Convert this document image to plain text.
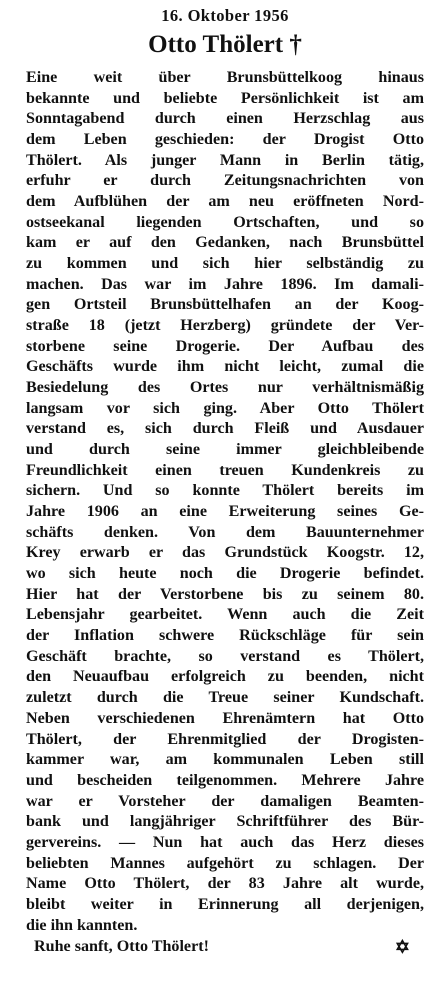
16. Oktober 1956
Otto Thölert †
Eine weit über Brunsbüttelkoog hinaus
bekannte und beliebte Persönlichkeit ist am
Sonntagabend durch einen Herzschlag aus
dem Leben geschieden: der Drogist Otto
Thölert. Als junger Mann in Berlin tätig,
erfuhr er durch Zeitungsnachrichten von
dem Aufblühen der am neu eröffneten Nord-
ostseekanal liegenden Ortschaften, und so
kam er auf den Gedanken, nach Brunsbüttel
zu kommen und sich hier selbständig zu
machen. Das war im Jahre 1896. Im damali-
gen Ortsteil Brunsbüttelhafen an der Koog-
straße 18 (jetzt Herzberg) gründete der Ver-
storbene seine Drogerie. Der Aufbau des
Geschäfts wurde ihm nicht leicht, zumal die
Besiedelung des Ortes nur verhältnismäßig
langsam vor sich ging. Aber Otto Thölert
verstand es, sich durch Fleiß und Ausdauer
und durch seine immer gleichbleibende
Freundlichkeit einen treuen Kundenkreis zu
sichern. Und so konnte Thölert bereits im
Jahre 1906 an eine Erweiterung seines Ge-
schäfts denken. Von dem Bauunternehmer
Krey erwarb er das Grundstück Koogstr. 12,
wo sich heute noch die Drogerie befindet.
Hier hat der Verstorbene bis zu seinem 80.
Lebensjahr gearbeitet. Wenn auch die Zeit
der Inflation schwere Rückschläge für sein
Geschäft brachte, so verstand es Thölert,
den Neuaufbau erfolgreich zu beenden, nicht
zuletzt durch die Treue seiner Kundschaft.
Neben verschiedenen Ehrenämtern hat Otto
Thölert, der Ehrenmitglied der Drogisten-
kammer war, am kommunalen Leben still
und bescheiden teilgenommen. Mehrere Jahre
war er Vorsteher der damaligen Beamten-
bank und langjähriger Schriftführer des Bür-
gervereins. — Nun hat auch das Herz dieses
beliebten Mannes aufgehört zu schlagen. Der
Name Otto Thölert, der 83 Jahre alt wurde,
bleibt weiter in Erinnerung all derjenigen,
die ihn kannten.
Ruhe sanft, Otto Thölert!	✡
